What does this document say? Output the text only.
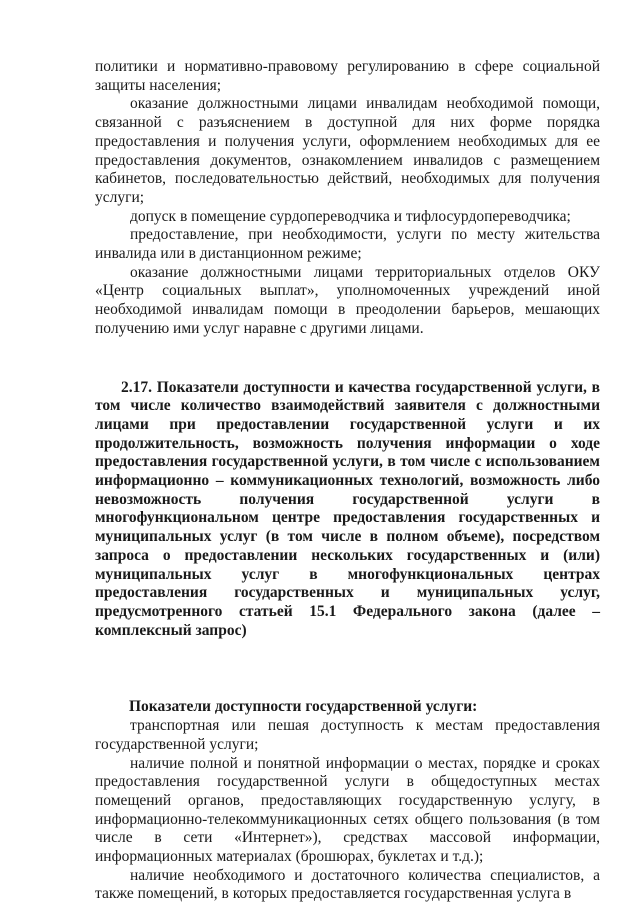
политики и нормативно-правовому регулированию в сфере социальной защиты населения;

оказание должностными лицами инвалидам необходимой помощи, связанной с разъяснением в доступной для них форме порядка предоставления и получения услуги, оформлением необходимых для ее предоставления документов, ознакомлением инвалидов с размещением кабинетов, последовательностью действий, необходимых для получения услуги;

допуск в помещение сурдопереводчика и тифлосурдопереводчика;

предоставление, при необходимости, услуги по месту жительства инвалида или в дистанционном режиме;

оказание должностными лицами территориальных отделов ОКУ «Центр социальных выплат», уполномоченных учреждений иной необходимой инвалидам помощи в преодолении барьеров, мешающих получению ими услуг наравне с другими лицами.

2.17. Показатели доступности и качества государственной услуги, в том числе количество взаимодействий заявителя с должностными лицами при предоставлении государственной услуги и их продолжительность, возможность получения информации о ходе предоставления государственной услуги, в том числе с использованием информационно – коммуникационных технологий, возможность либо невозможность получения государственной услуги в многофункциональном центре предоставления государственных и муниципальных услуг (в том числе в полном объеме), посредством запроса о предоставлении нескольких государственных и (или) муниципальных услуг в многофункциональных центрах предоставления государственных и муниципальных услуг, предусмотренного статьей 15.1 Федерального закона (далее – комплексный запрос)

Показатели доступности государственной услуги:

транспортная или пешая доступность к местам предоставления государственной услуги;

наличие полной и понятной информации о местах, порядке и сроках предоставления государственной услуги в общедоступных местах помещений органов, предоставляющих государственную услугу, в информационно-телекоммуникационных сетях общего пользования (в том числе в сети «Интернет»), средствах массовой информации, информационных материалах (брошюрах, буклетах и т.д.);

наличие необходимого и достаточного количества специалистов, а также помещений, в которых предоставляется государственная услуга в
